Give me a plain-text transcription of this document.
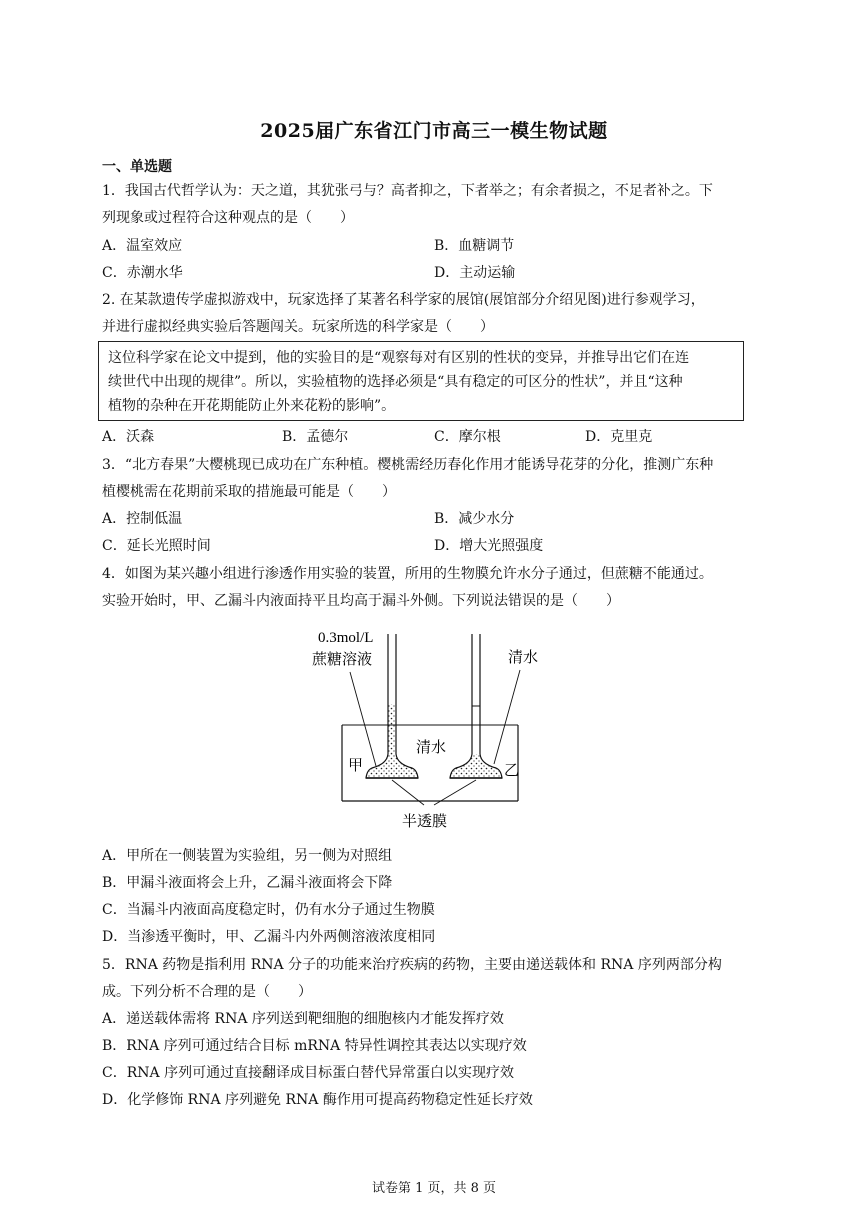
2025届广东省江门市高三一模生物试题
一、单选题
1．我国古代哲学认为：天之道，其犹张弓与？高者抑之，下者举之；有余者损之，不足者补之。下
列现象或过程符合这种观点的是（　　）
A．温室效应	B．血糖调节
C．赤潮水华	D．主动运输
2. 在某款遗传学虚拟游戏中，玩家选择了某著名科学家的展馆(展馆部分介绍见图)进行参观学习，
并进行虚拟经典实验后答题闯关。玩家所选的科学家是（　　）
这位科学家在论文中提到，他的实验目的是“观察每对有区别的性状的变异，并推导出它们在连
续世代中出现的规律”。所以，实验植物的选择必须是“具有稳定的可区分的性状”，并且“这种
植物的杂种在开花期能防止外来花粉的影响”。
A．沃森	B．孟德尔	C．摩尔根	D．克里克
3．“北方春果”大樱桃现已成功在广东种植。樱桃需经历春化作用才能诱导花芽的分化，推测广东种
植樱桃需在花期前采取的措施最可能是（　　）
A．控制低温	B．减少水分
C．延长光照时间	D．增大光照强度
4．如图为某兴趣小组进行渗透作用实验的装置，所用的生物膜允许水分子通过，但蔗糖不能通过。
实验开始时，甲、乙漏斗内液面持平且均高于漏斗外侧。下列说法错误的是（　　）
0.3mol/L
蔗糖溶液	清水
清水
甲	乙
半透膜
A．甲所在一侧装置为实验组，另一侧为对照组
B．甲漏斗液面将会上升，乙漏斗液面将会下降
C．当漏斗内液面高度稳定时，仍有水分子通过生物膜
D．当渗透平衡时，甲、乙漏斗内外两侧溶液浓度相同
5．RNA 药物是指利用 RNA 分子的功能来治疗疾病的药物，主要由递送载体和 RNA 序列两部分构
成。下列分析不合理的是（　　）
A．递送载体需将 RNA 序列送到靶细胞的细胞核内才能发挥疗效
B．RNA 序列可通过结合目标 mRNA 特异性调控其表达以实现疗效
C．RNA 序列可通过直接翻译成目标蛋白替代异常蛋白以实现疗效
D．化学修饰 RNA 序列避免 RNA 酶作用可提高药物稳定性延长疗效
试卷第 1 页，共 8 页
